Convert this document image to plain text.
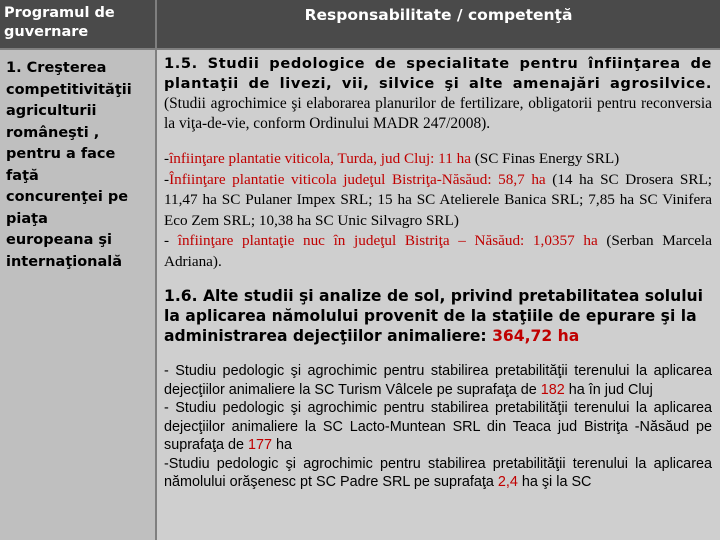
Programul de guvernare
Responsabilitate / competenţă
1. Creşterea
competitivităţii
agriculturii
româneşti ,
pentru a face
faţă
concurenţei pe
piaţa
europeana şi
internaţională

1.5. Studii pedologice de specialitate pentru înfiinţarea de plantaţii de livezi, vii, silvice şi alte amenajări agrosilvice. (Studii agrochimice şi elaborarea planurilor de fertilizare, obligatorii pentru reconversia la viţa-de-vie, conform Ordinului MADR 247/2008).

-înfiinţare plantatie viticola, Turda, jud Cluj: 11 ha (SC Finas Energy SRL)
-Înfiinţare plantatie viticola judeţul Bistriţa-Năsăud: 58,7 ha (14 ha SC Drosera SRL; 11,47 ha SC Pulaner Impex SRL; 15 ha SC Atelierele Banica SRL; 7,85 ha SC Vinifera Eco Zem SRL; 10,38 ha SC Unic Silvagro SRL)
- înfiinţare plantaţie nuc în judeţul Bistriţa – Năsăud: 1,0357 ha (Serban Marcela Adriana).
1.6. Alte studii şi analize de sol, privind pretabilitatea solului la aplicarea nămolului provenit de la staţiile de epurare şi la administrarea dejecţiilor animaliere: 364,72 ha
- Studiu pedologic şi agrochimic pentru stabilirea pretabilităţii terenului la aplicarea dejecţiilor animaliere la SC Turism Vâlcele pe suprafaţa de 182 ha în jud Cluj
- Studiu pedologic şi agrochimic pentru stabilirea pretabilităţii terenului la aplicarea dejecţiilor animaliere la SC Lacto-Muntean SRL din Teaca jud Bistriţa -Năsăud pe suprafaţa de 177 ha
-Studiu pedologic şi agrochimic pentru stabilirea pretabilităţii terenului la aplicarea nămolului orăşenesc pt SC Padre SRL pe suprafaţa 2,4 ha şi la SC
